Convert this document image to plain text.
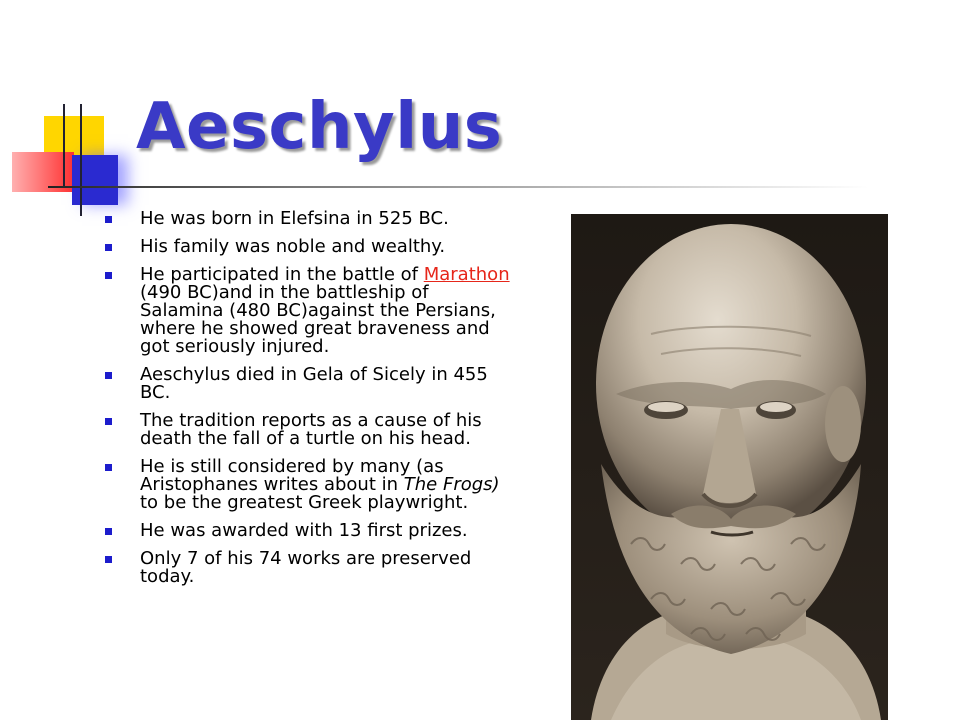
Aeschylus
He was born in Elefsina in 525 BC.
His family was noble and wealthy.
He participated in the battle of Marathon (490 BC)and in the battleship of Salamina (480 BC)against the Persians, where he showed great braveness and got seriously injured.
Aeschylus died in Gela of Sicely in 455 BC.
The tradition reports as a cause of his death the fall of a turtle on his head.
He is still considered by many (as Aristophanes writes about in The Frogs) to be the greatest Greek playwright.
He was awarded with 13 first prizes.
Only 7 of his 74 works are preserved today.
